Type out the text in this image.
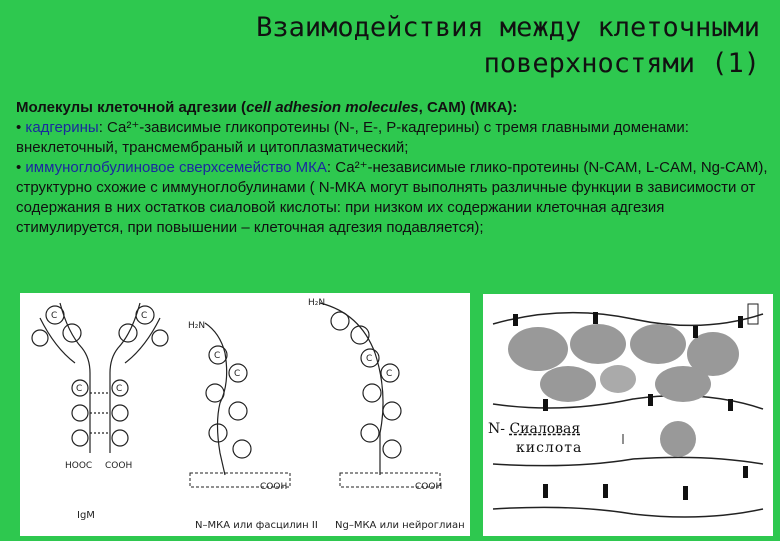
Взаимодействия между клеточными
поверхностями (1)

Молекулы клеточной адгезии (cell adhesion molecules, САМ) (МКА):

• кадгерины: Са²⁺-зависимые гликопротеины (N-, Е-, Р-кадгерины) с тремя главными доменами: внеклеточный, трансмембраный и цитоплазматический;

• иммуноглобулиновое сверхсемейство МКА: Са²⁺-независимые глико-протеины (N-CAM, L-CAM, Ng-CAM), структурно схожие с иммуноглобулинами ( N-МКА могут выполнять различные функции в зависимости от содержания в них остатков сиаловой кислоты: при низком их содержании клеточная адгезия стимулируется, при повышении – клеточная адгезия подавляется);

C	C
C	C
C
C
C
C
H₂N
H₂N
HOOC COOH
COOH	COOH
IgM
N–МКА или фасцилин II Ng–МКА или нейроглиан
N- Сиаловая
кислота
